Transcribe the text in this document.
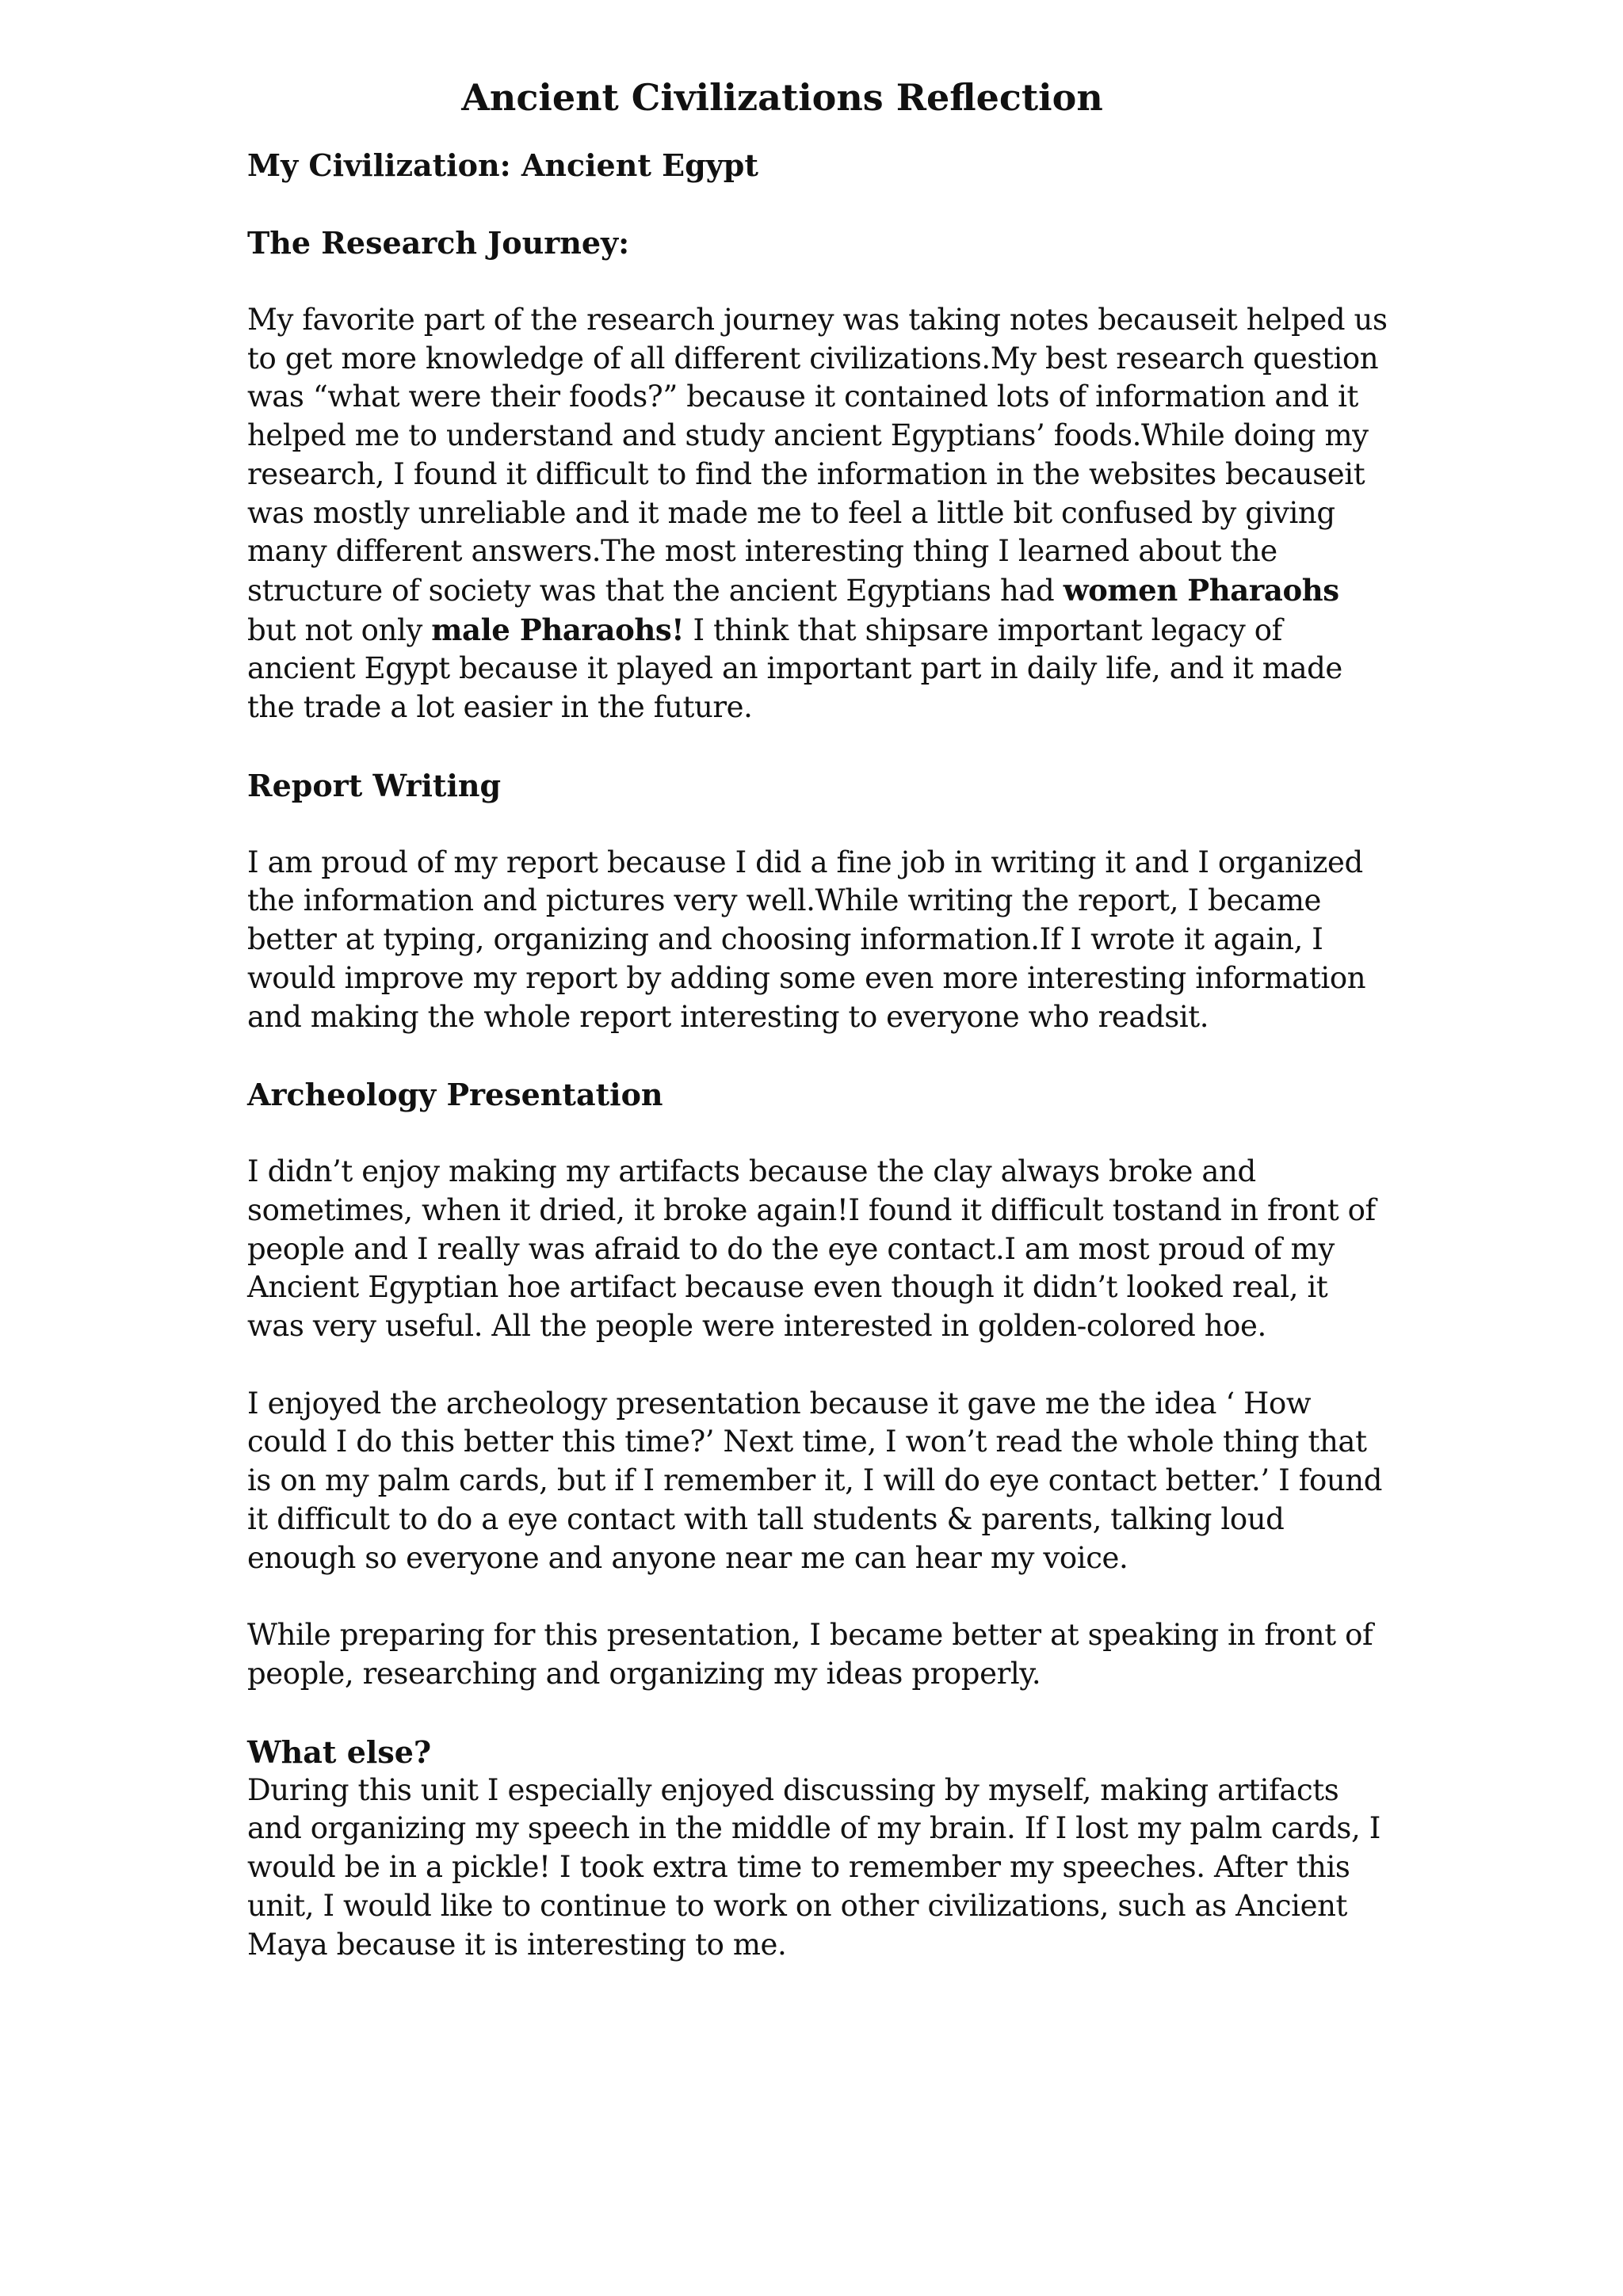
Ancient Civilizations Reflection

My Civilization: Ancient Egypt

The Research Journey:

My favorite part of the research journey was taking notes becauseit helped us to get more knowledge of all different civilizations.My best research question was “what were their foods?” because it contained lots of information and it helped me to understand and study ancient Egyptians’ foods.While doing my research, I found it difficult to find the information in the websites becauseit was mostly unreliable and it made me to feel a little bit confused by giving many different answers.The most interesting thing I learned about the structure of society was that the ancient Egyptians had women Pharaohs but not only male Pharaohs! I think that shipsare important legacy of ancient Egypt because it played an important part in daily life, and it made the trade a lot easier in the future.

Report Writing

I am proud of my report because I did a fine job in writing it and I organized the information and pictures very well.While writing the report, I became better at typing, organizing and choosing information.If I wrote it again, I would improve my report by adding some even more interesting information and making the whole report interesting to everyone who readsit.

Archeology Presentation

I didn’t enjoy making my artifacts because the clay always broke and sometimes, when it dried, it broke again!I found it difficult tostand in front of people and I really was afraid to do the eye contact.I am most proud of my Ancient Egyptian hoe artifact because even though it didn’t looked real, it was very useful. All the people were interested in golden-colored hoe.

I enjoyed the archeology presentation because it gave me the idea ‘ How could I do this better this time?’ Next time, I won’t read the whole thing that is on my palm cards, but if I remember it, I will do eye contact better.’ I found it difficult to do a eye contact with tall students & parents, talking loud enough so everyone and anyone near me can hear my voice.

While preparing for this presentation, I became better at speaking in front of people, researching and organizing my ideas properly.

What else?

During this unit I especially enjoyed discussing by myself, making artifacts and organizing my speech in the middle of my brain. If I lost my palm cards, I would be in a pickle! I took extra time to remember my speeches. After this unit, I would like to continue to work on other civilizations, such as Ancient Maya because it is interesting to me.
